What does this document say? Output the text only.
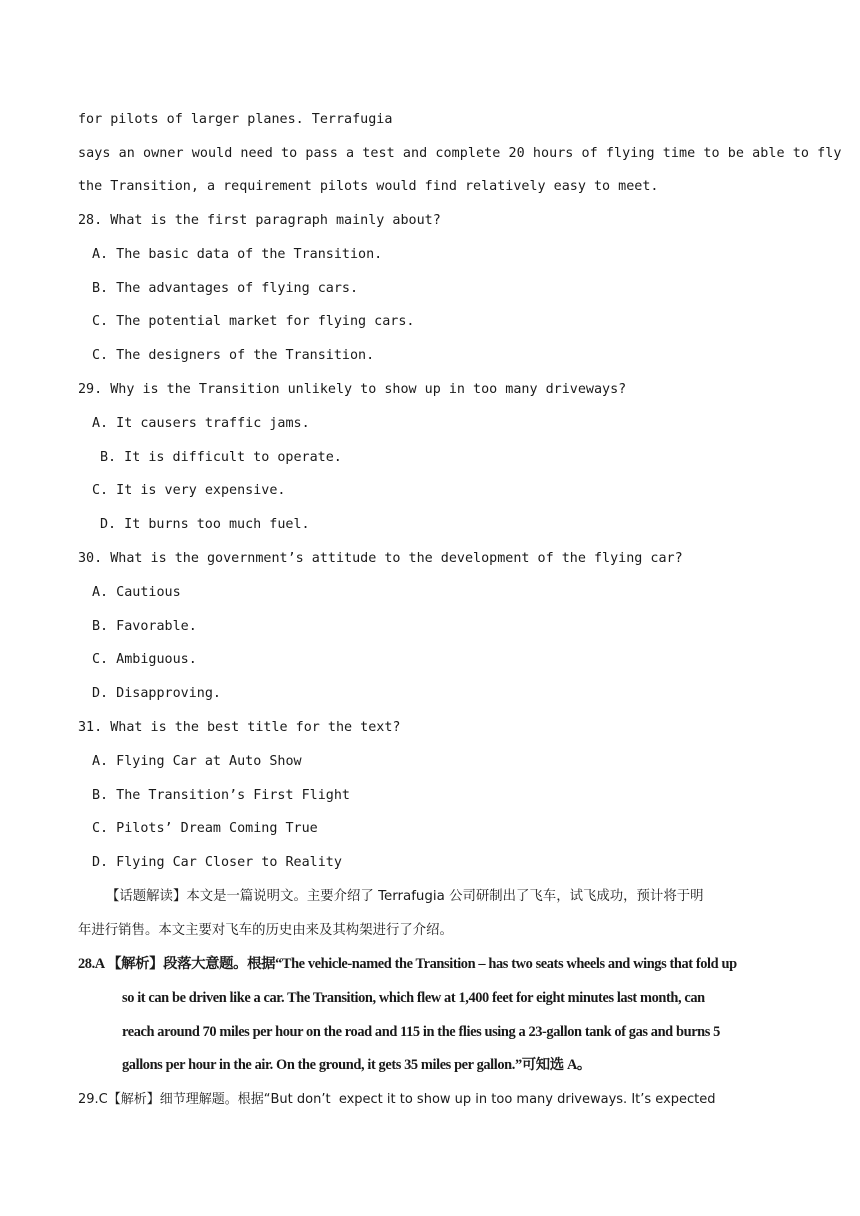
for pilots of larger planes. Terrafugia
says an owner would need to pass a test and complete 20 hours of flying time to be able to fly
the Transition, a requirement pilots would find relatively easy to meet.
28. What is the first paragraph mainly about?
A. The basic data of the Transition.
B. The advantages of flying cars.
C. The potential market for flying cars.
C. The designers of the Transition.
29. Why is the Transition unlikely to show up in too many driveways?
A. It causers traffic jams.
B. It is difficult to operate.
C. It is very expensive.
D. It burns too much fuel.
30. What is the government’s attitude to the development of the flying car?
A. Cautious
B. Favorable.
C. Ambiguous.
D. Disapproving.
31. What is the best title for the text?
A. Flying Car at Auto Show
B. The Transition’s First Flight
C. Pilots’ Dream Coming True
D. Flying Car Closer to Reality
【话题解读】本文是一篇说明文。主要介绍了 Terrafugia 公司研制出了飞车，试飞成功，预计将于明
年进行销售。本文主要对飞车的历史由来及其构架进行了介绍。
28.A 【解析】段落大意题。根据“The vehicle-named the Transition – has two seats wheels and wings that fold up
so it can be driven like a car. The Transition, which flew at 1,400 feet for eight minutes last month, can
reach around 70 miles per hour on the road and 115 in the flies using a 23-gallon tank of gas and burns 5
gallons per hour in the air. On the ground, it gets 35 miles per gallon.”可知选 A。
29.C【解析】细节理解题。根据“But don’t  expect it to show up in too many driveways. It’s expected
